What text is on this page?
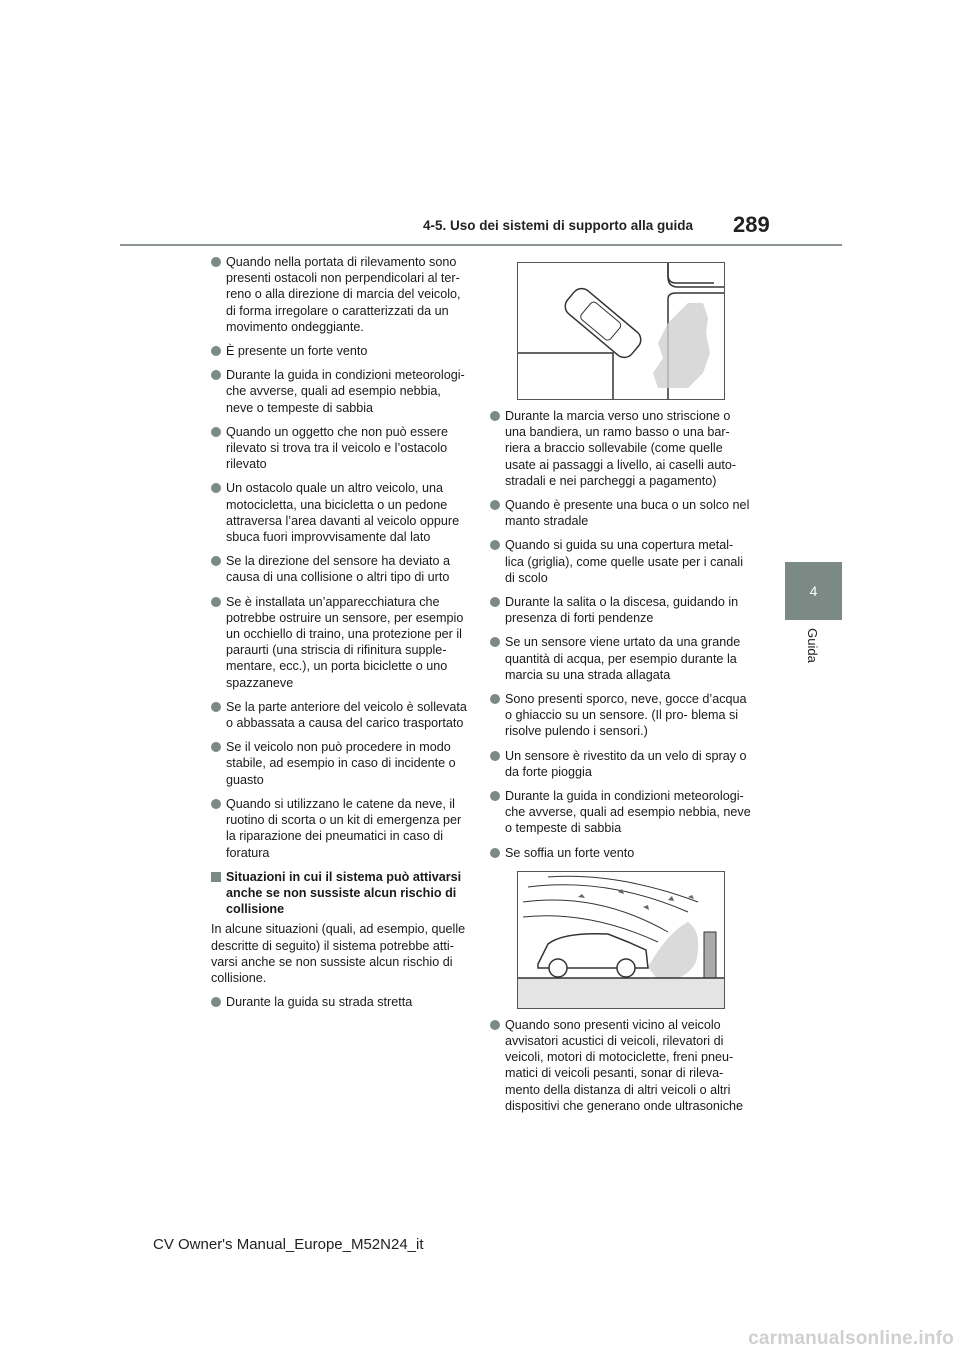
4-5. Uso dei sistemi di supporto alla guida 289
4
Guida

Quando nella portata di rilevamento sono presenti ostacoli non perpendicolari al ter- reno o alla direzione di marcia del veicolo, di forma irregolare o caratterizzati da un movimento ondeggiante.

È presente un forte vento

Durante la guida in condizioni meteorologi- che avverse, quali ad esempio nebbia, neve o tempeste di sabbia

Quando un oggetto che non può essere rilevato si trova tra il veicolo e l’ostacolo rilevato

Un ostacolo quale un altro veicolo, una motocicletta, una bicicletta o un pedone attraversa l’area davanti al veicolo oppure sbuca fuori improvvisamente dal lato

Se la direzione del sensore ha deviato a causa di una collisione o altri tipo di urto

Se è installata un’apparecchiatura che potrebbe ostruire un sensore, per esempio un occhiello di traino, una protezione per il paraurti (una striscia di rifinitura supple- mentare, ecc.), un porta biciclette o uno spazzaneve

Se la parte anteriore del veicolo è sollevata o abbassata a causa del carico trasportato

Se il veicolo non può procedere in modo stabile, ad esempio in caso di incidente o guasto

Quando si utilizzano le catene da neve, il ruotino di scorta o un kit di emergenza per la riparazione dei pneumatici in caso di foratura

Situazioni in cui il sistema può attivarsi anche se non sussiste alcun rischio di collisione

In alcune situazioni (quali, ad esempio, quelle descritte di seguito) il sistema potrebbe atti- varsi anche se non sussiste alcun rischio di collisione.

Durante la guida su strada stretta

Durante la marcia verso uno striscione o una bandiera, un ramo basso o una bar- riera a braccio sollevabile (come quelle usate ai passaggi a livello, ai caselli auto- stradali e nei parcheggi a pagamento)

Quando è presente una buca o un solco nel manto stradale

Quando si guida su una copertura metal- lica (griglia), come quelle usate per i canali di scolo

Durante la salita o la discesa, guidando in presenza di forti pendenze

Se un sensore viene urtato da una grande quantità di acqua, per esempio durante la marcia su una strada allagata

Sono presenti sporco, neve, gocce d’acqua o ghiaccio su un sensore. (Il pro- blema si risolve pulendo i sensori.)

Un sensore è rivestito da un velo di spray o da forte pioggia

Durante la guida in condizioni meteorologi- che avverse, quali ad esempio nebbia, neve o tempeste di sabbia

Se soffia un forte vento

Quando sono presenti vicino al veicolo avvisatori acustici di veicoli, rilevatori di veicoli, motori di motociclette, freni pneu- matici di veicoli pesanti, sonar di rileva- mento della distanza di altri veicoli o altri dispositivi che generano onde ultrasoniche

CV Owner's Manual_Europe_M52N24_it
carmanualsonline.info
